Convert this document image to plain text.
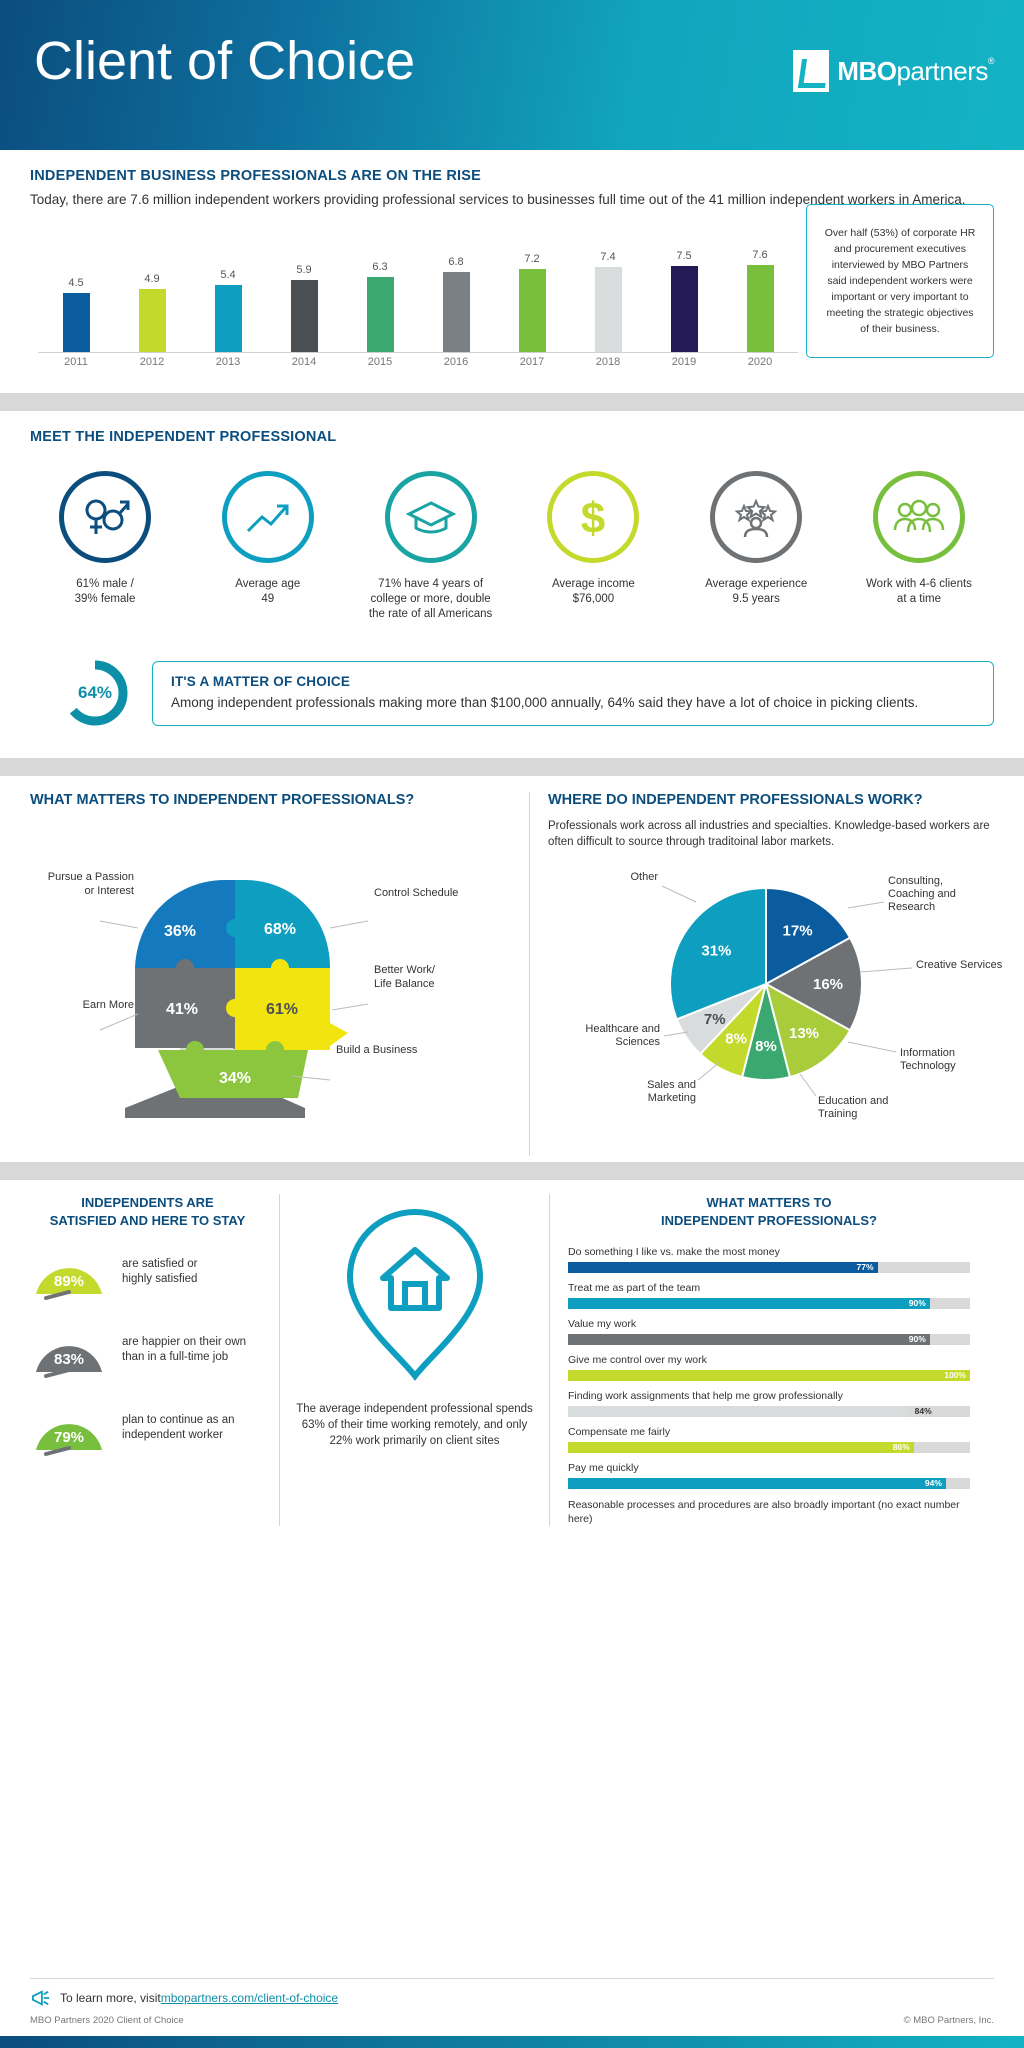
Client of Choice	MBOpartners®
INDEPENDENT BUSINESS PROFESSIONALS ARE ON THE RISE

Today, there are 7.6 million independent workers providing professional services to businesses full time out of the 41 million independent workers in America.

4.5	4.9	5.4	5.9	6.3	6.8	7.2	7.4	7.5	7.6
2011	2012	2013	2014	2015	2016	2017	2018	2019	2020
Over half (53%) of corporate HR and procurement executives interviewed by MBO Partners said independent workers were important or very important to meeting the strategic objectives of their business.
MEET THE INDEPENDENT PROFESSIONAL
61% male /
39% female
Average age
49
71% have 4 years of
college or more, double
the rate of all Americans
$
Average income
$76,000
Average experience
9.5 years
Work with 4-6 clients
at a time
64%
IT'S A MATTER OF CHOICE

Among independent professionals making more than $100,000 annually, 64% said they have a lot of choice in picking clients.

WHAT MATTERS TO INDEPENDENT PROFESSIONALS?
36%	68%
41%	61%
34%
Pursue a Passion
or Interest
Earn More
Control Schedule
Better Work/
Life Balance
Build a Business
WHERE DO INDEPENDENT PROFESSIONALS WORK?

Professionals work across all industries and specialties. Knowledge-based workers are often difficult to source through traditoinal labor markets.

17%
16%
13%
8%
8%
7%
31%
Consulting,
Coaching and
Research
Creative Services
Information
Technology
Education and
Training
Sales and
Marketing
Healthcare and
Sciences
Other
INDEPENDENTS ARE
SATISFIED AND HERE TO STAY
89%
are satisfied or
highly satisfied
83%
are happier on their own
than in a full-time job
79%
plan to continue as an
independent worker
The average independent professional spends 63% of their time working remotely, and only 22% work primarily on client sites
WHAT MATTERS TO
INDEPENDENT PROFESSIONALS?
Do something I like vs. make the most money
77%
Treat me as part of the team
90%
Value my work
90%
Give me control over my work
100%
Finding work assignments that help me grow professionally
84%
Compensate me fairly
86%
Pay me quickly
94%
Reasonable processes and procedures are also broadly important (no exact number here)
To learn more, visit mbopartners.com/client-of-choice
MBO Partners 2020 Client of Choice	© MBO Partners, Inc.
